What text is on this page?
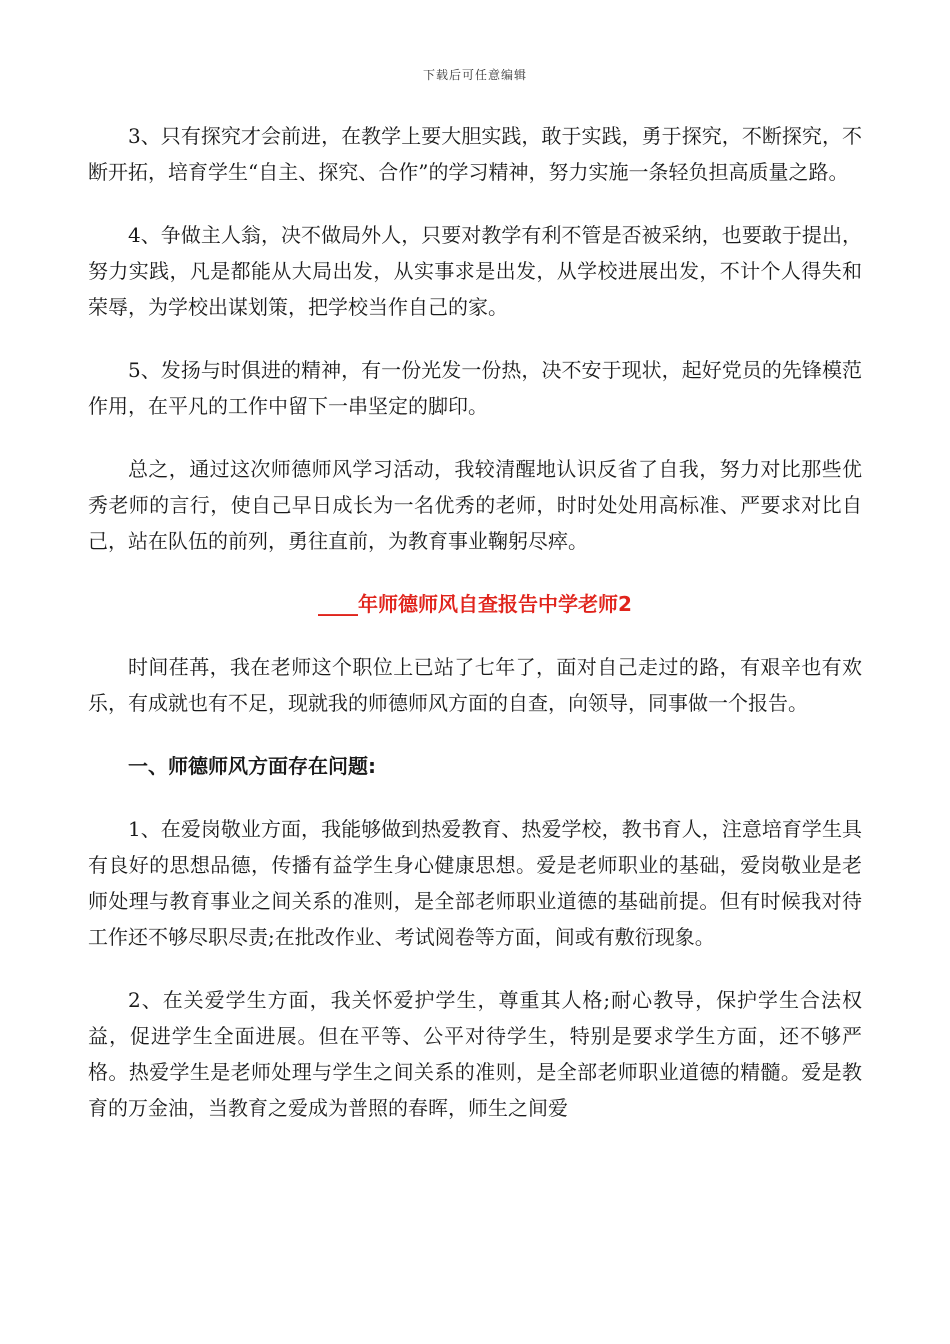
下载后可任意编辑

3、只有探究才会前进，在教学上要大胆实践，敢于实践，勇于探究，不断探究，不断开拓，培育学生“自主、探究、合作”的学习精神，努力实施一条轻负担高质量之路。

4、争做主人翁，决不做局外人，只要对教学有利不管是否被采纳，也要敢于提出，努力实践，凡是都能从大局出发，从实事求是出发，从学校进展出发，不计个人得失和荣辱，为学校出谋划策，把学校当作自己的家。

5、发扬与时俱进的精神，有一份光发一份热，决不安于现状，起好党员的先锋模范作用，在平凡的工作中留下一串坚定的脚印。

总之，通过这次师德师风学习活动，我较清醒地认识反省了自我，努力对比那些优秀老师的言行，使自己早日成长为一名优秀的老师，时时处处用高标准、严要求对比自己，站在队伍的前列，勇往直前，为教育事业鞠躬尽瘁。

____年师德师风自查报告中学老师2

时间荏苒，我在老师这个职位上已站了七年了，面对自己走过的路，有艰辛也有欢乐，有成就也有不足，现就我的师德师风方面的自查，向领导，同事做一个报告。

一、师德师风方面存在问题:

1、在爱岗敬业方面，我能够做到热爱教育、热爱学校，教书育人，注意培育学生具有良好的思想品德，传播有益学生身心健康思想。爱是老师职业的基础，爱岗敬业是老师处理与教育事业之间关系的准则，是全部老师职业道德的基础前提。但有时候我对待工作还不够尽职尽责;在批改作业、考试阅卷等方面，间或有敷衍现象。

2、在关爱学生方面，我关怀爱护学生，尊重其人格;耐心教导，保护学生合法权益，促进学生全面进展。但在平等、公平对待学生，特别是要求学生方面，还不够严格。热爱学生是老师处理与学生之间关系的准则，是全部老师职业道德的精髓。爱是教育的万金油，当教育之爱成为普照的春晖，师生之间爱
